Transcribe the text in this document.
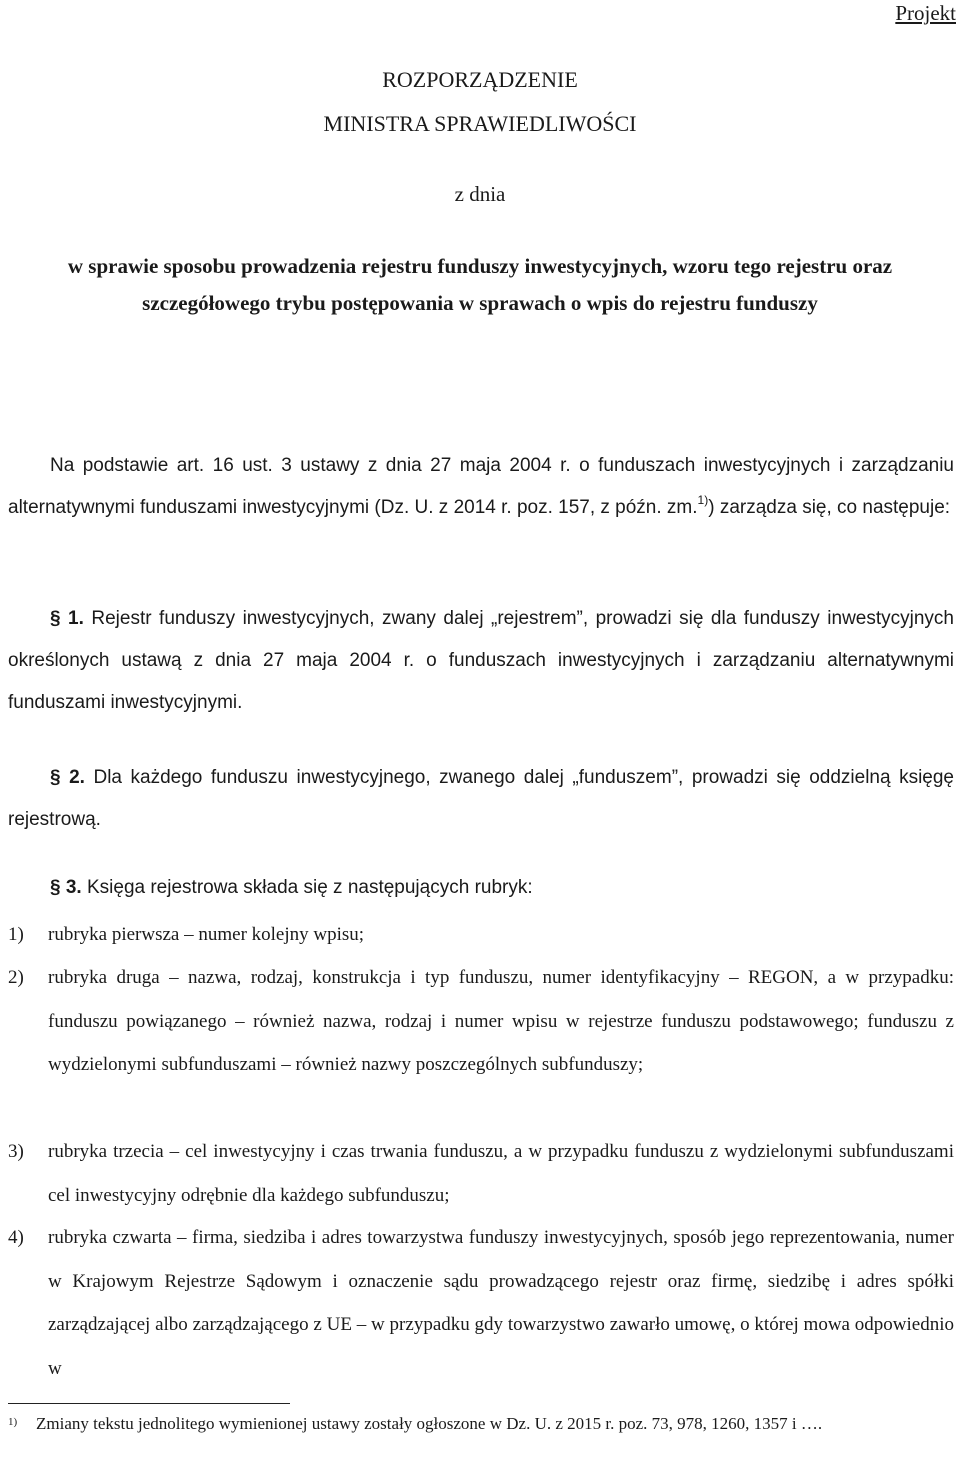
Projekt
ROZPORZĄDZENIE
MINISTRA SPRAWIEDLIWOŚCI
z dnia
w sprawie sposobu prowadzenia rejestru funduszy inwestycyjnych, wzoru tego rejestru oraz szczegółowego trybu postępowania w sprawach o wpis do rejestru funduszy
Na podstawie art. 16 ust. 3 ustawy z dnia 27 maja 2004 r. o funduszach inwestycyjnych i zarządzaniu alternatywnymi funduszami inwestycyjnymi (Dz. U. z 2014 r. poz. 157, z późn. zm.$^{1)}$) zarządza się, co następuje:
§ 1. Rejestr funduszy inwestycyjnych, zwany dalej „rejestrem”, prowadzi się dla funduszy inwestycyjnych określonych ustawą z dnia 27 maja 2004 r. o funduszach inwestycyjnych i zarządzaniu alternatywnymi funduszami inwestycyjnymi.
§ 2. Dla każdego funduszu inwestycyjnego, zwanego dalej „funduszem”, prowadzi się oddzielną księgę rejestrową.
§ 3. Księga rejestrowa składa się z następujących rubryk:
1)	rubryka pierwsza – numer kolejny wpisu;
2)	rubryka druga – nazwa, rodzaj, konstrukcja i typ funduszu, numer identyfikacyjny – REGON, a w przypadku: funduszu powiązanego – również nazwa, rodzaj i numer wpisu w rejestrze funduszu podstawowego; funduszu z wydzielonymi subfunduszami – również nazwy poszczególnych subfunduszy;
3)	rubryka trzecia – cel inwestycyjny i czas trwania funduszu, a w przypadku funduszu z wydzielonymi subfunduszami cel inwestycyjny odrębnie dla każdego subfunduszu;
4)	rubryka czwarta – firma, siedziba i adres towarzystwa funduszy inwestycyjnych, sposób jego reprezentowania, numer w Krajowym Rejestrze Sądowym i oznaczenie sądu prowadzącego rejestr oraz firmę, siedzibę i adres spółki zarządzającej albo zarządzającego z UE – w przypadku gdy towarzystwo zawarło umowę, o której mowa odpowiednio w
1) Zmiany tekstu jednolitego wymienionej ustawy zostały ogłoszone w Dz. U. z 2015 r. poz. 73, 978, 1260, 1357 i ….
